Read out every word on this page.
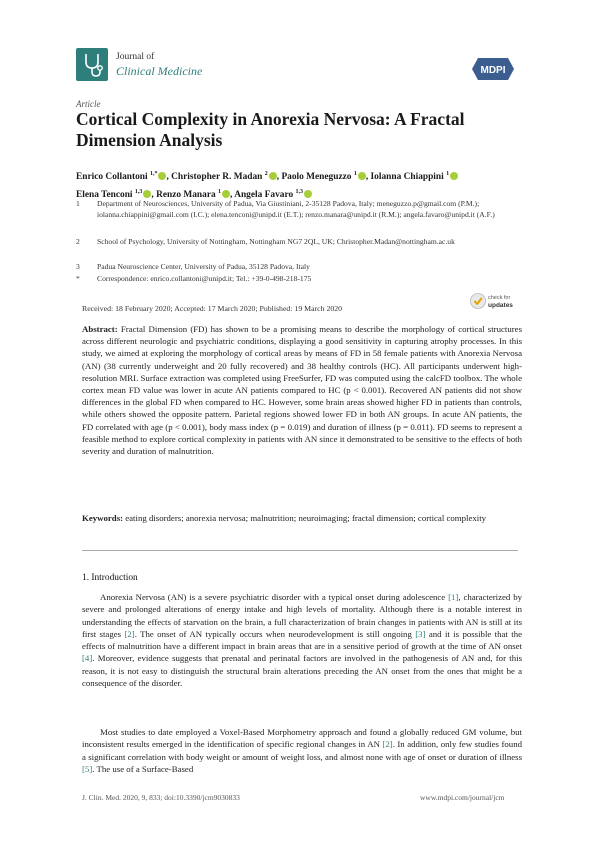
Journal of
Clinical Medicine	MDPI
Article
Cortical Complexity in Anorexia Nervosa: A Fractal Dimension Analysis
Enrico Collantoni $^{1,*}$ , Christopher R. Madan $^2$ , Paolo Meneguzzo $^1$ , Iolanna Chiappini $^1$
Elena Tenconi $^{1,3}$ , Renzo Manara $^1$ , Angela Favaro $^{1,3}$
1 Department of Neurosciences, University of Padua, Via Giustiniani, 2-35128 Padova, Italy; meneguzzo.p@gmail.com (P.M.); iolanna.chiappini@gmail.com (I.C.); elena.tenconi@unipd.it (E.T.); renzo.manara@unipd.it (R.M.); angela.favaro@unipd.it (A.F.)
2 School of Psychology, University of Nottingham, Nottingham NG7 2QL, UK; Christopher.Madan@nottingham.ac.uk
3 Padua Neuroscience Center, University of Padua, 35128 Padova, Italy
* Correspondence: enrico.collantoni@unipd.it; Tel.: +39-0-498-218-175
Received: 18 February 2020; Accepted: 17 March 2020; Published: 19 March 2020
check for
updates
Abstract: Fractal Dimension (FD) has shown to be a promising means to describe the morphology of cortical structures across different neurologic and psychiatric conditions, displaying a good sensitivity in capturing atrophy processes. In this study, we aimed at exploring the morphology of cortical areas by means of FD in 58 female patients with Anorexia Nervosa (AN) (38 currently underweight and 20 fully recovered) and 38 healthy controls (HC). All participants underwent high-resolution MRI. Surface extraction was completed using FreeSurfer, FD was computed using the calcFD toolbox. The whole cortex mean FD value was lower in acute AN patients compared to HC (p < 0.001). Recovered AN patients did not show differences in the global FD when compared to HC. However, some brain areas showed higher FD in patients than controls, while others showed the opposite pattern. Parietal regions showed lower FD in both AN groups. In acute AN patients, the FD correlated with age (p < 0.001), body mass index (p = 0.019) and duration of illness (p = 0.011). FD seems to represent a feasible method to explore cortical complexity in patients with AN since it demonstrated to be sensitive to the effects of both severity and duration of malnutrition.
Keywords: eating disorders; anorexia nervosa; malnutrition; neuroimaging; fractal dimension; cortical complexity
1. Introduction
Anorexia Nervosa (AN) is a severe psychiatric disorder with a typical onset during adolescence [1], characterized by severe and prolonged alterations of energy intake and high levels of mortality. Although there is a notable interest in understanding the effects of starvation on the brain, a full characterization of brain changes in patients with AN is still at its first stages [2]. The onset of AN typically occurs when neurodevelopment is still ongoing [3] and it is possible that the effects of malnutrition have a different impact in brain areas that are in a sensitive period of growth at the time of AN onset [4]. Moreover, evidence suggests that prenatal and perinatal factors are involved in the pathogenesis of AN and, for this reason, it is not easy to distinguish the structural brain alterations preceding the AN onset from the ones that might be a consequence of the disorder.
Most studies to date employed a Voxel-Based Morphometry approach and found a globally reduced GM volume, but inconsistent results emerged in the identification of specific regional changes in AN [2]. In addition, only few studies found a significant correlation with body weight or amount of weight loss, and almost none with age of onset or duration of illness [5]. The use of a Surface-Based
J. Clin. Med. 2020, 9, 833; doi:10.3390/jcm9030833	www.mdpi.com/journal/jcm
